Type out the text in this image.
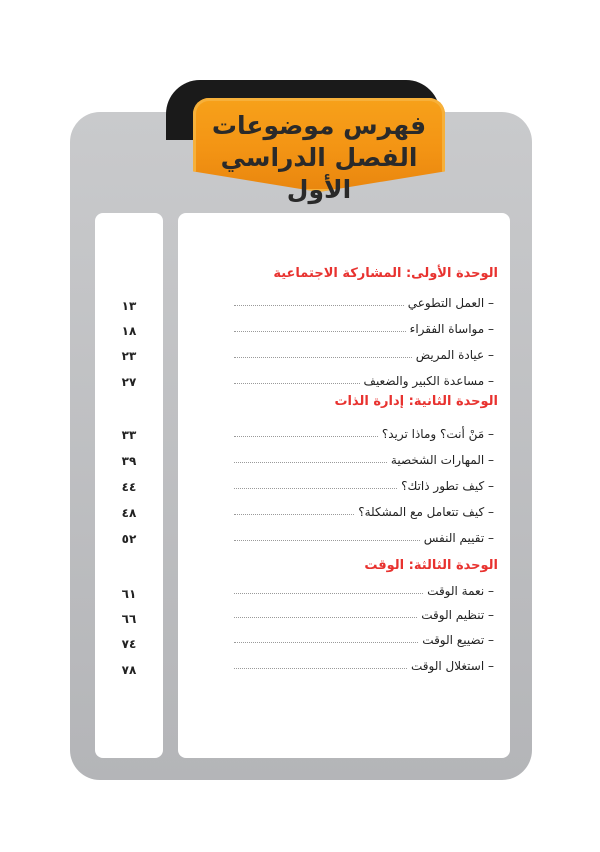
فهرس موضوعات
الفصل الدراسي الأول
الوحدة الأولى: المشاركة الاجتماعية
– العمل التطوعي
١٣
– مواساة الفقراء
١٨
– عيادة المريض
٢٣
– مساعدة الكبير والضعيف
٢٧
الوحدة الثانية: إدارة الذات
– مَنْ أنت؟ وماذا تريد؟
٣٣
– المهارات الشخصية
٣٩
– كيف تطور ذاتك؟
٤٤
– كيف تتعامل مع المشكلة؟
٤٨
– تقييم النفس
٥٢
الوحدة الثالثة: الوقت
– نعمة الوقت
٦١
– تنظيم الوقت
٦٦
– تضييع الوقت
٧٤
– استغلال الوقت
٧٨
